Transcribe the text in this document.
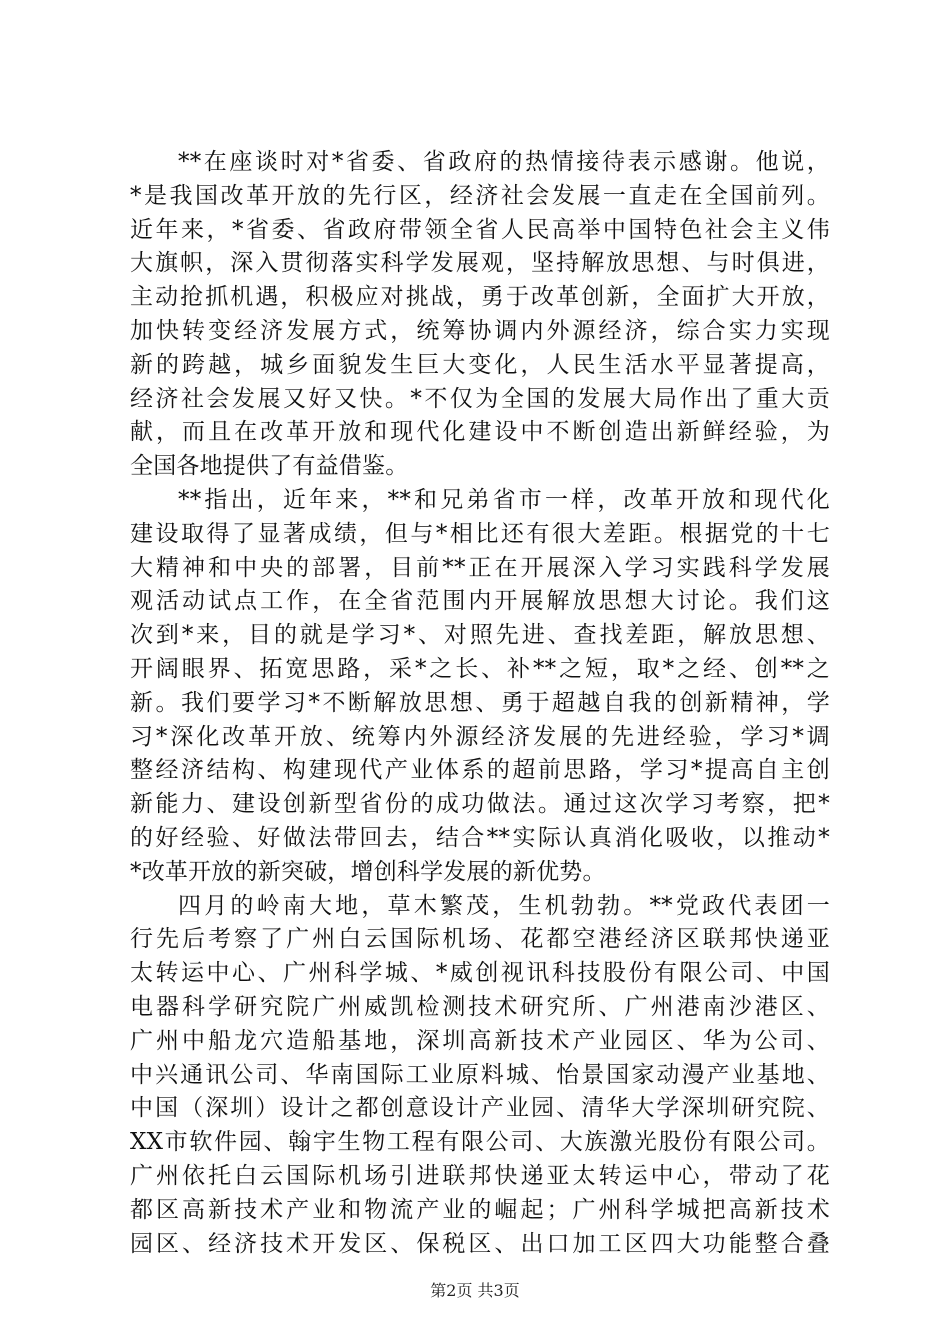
**在座谈时对*省委、省政府的热情接待表示感谢。他说，
*是我国改革开放的先行区，经济社会发展一直走在全国前列。
近年来，*省委、省政府带领全省人民高举中国特色社会主义伟
大旗帜，深入贯彻落实科学发展观，坚持解放思想、与时俱进，
主动抢抓机遇，积极应对挑战，勇于改革创新，全面扩大开放，
加快转变经济发展方式，统筹协调内外源经济，综合实力实现
新的跨越，城乡面貌发生巨大变化，人民生活水平显著提高，
经济社会发展又好又快。*不仅为全国的发展大局作出了重大贡
献，而且在改革开放和现代化建设中不断创造出新鲜经验，为
全国各地提供了有益借鉴。
**指出，近年来，**和兄弟省市一样，改革开放和现代化
建设取得了显著成绩，但与*相比还有很大差距。根据党的十七
大精神和中央的部署，目前**正在开展深入学习实践科学发展
观活动试点工作，在全省范围内开展解放思想大讨论。我们这
次到*来，目的就是学习*、对照先进、查找差距，解放思想、
开阔眼界、拓宽思路，采*之长、补**之短，取*之经、创**之
新。我们要学习*不断解放思想、勇于超越自我的创新精神，学
习*深化改革开放、统筹内外源经济发展的先进经验，学习*调
整经济结构、构建现代产业体系的超前思路，学习*提高自主创
新能力、建设创新型省份的成功做法。通过这次学习考察，把*
的好经验、好做法带回去，结合**实际认真消化吸收，以推动*
*改革开放的新突破，增创科学发展的新优势。
四月的岭南大地，草木繁茂，生机勃勃。**党政代表团一
行先后考察了广州白云国际机场、花都空港经济区联邦快递亚
太转运中心、广州科学城、*威创视讯科技股份有限公司、中国
电器科学研究院广州威凯检测技术研究所、广州港南沙港区、
广州中船龙穴造船基地，深圳高新技术产业园区、华为公司、
中兴通讯公司、华南国际工业原料城、怡景国家动漫产业基地、
中国（深圳）设计之都创意设计产业园、清华大学深圳研究院、
XX市软件园、翰宇生物工程有限公司、大族激光股份有限公司。
广州依托白云国际机场引进联邦快递亚太转运中心，带动了花
都区高新技术产业和物流产业的崛起；广州科学城把高新技术
园区、经济技术开发区、保税区、出口加工区四大功能整合叠
第2页 共3页
